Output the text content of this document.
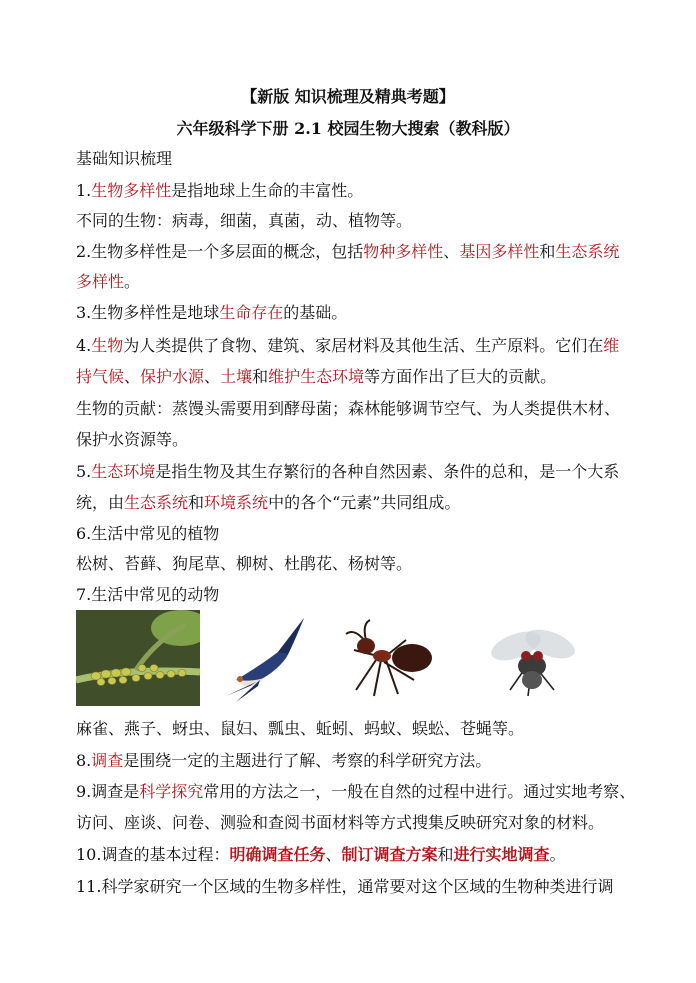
【新版 知识梳理及精典考题】
六年级科学下册 2.1 校园生物大搜索（教科版）
基础知识梳理
1.生物多样性是指地球上生命的丰富性。
不同的生物：病毒，细菌，真菌，动、植物等。
2.生物多样性是一个多层面的概念，包括物种多样性、基因多样性和生态系统
多样性。
3.生物多样性是地球生命存在的基础。
4.生物为人类提供了食物、建筑、家居材料及其他生活、生产原料。它们在维
持气候、保护水源、土壤和维护生态环境等方面作出了巨大的贡献。
生物的贡献：蒸馒头需要用到酵母菌；森林能够调节空气、为人类提供木材、
保护水资源等。
5.生态环境是指生物及其生存繁衍的各种自然因素、条件的总和，是一个大系
统，由生态系统和环境系统中的各个“元素”共同组成。
6.生活中常见的植物
松树、苔藓、狗尾草、柳树、杜鹃花、杨树等。
7.生活中常见的动物
麻雀、燕子、蚜虫、鼠妇、瓢虫、蚯蚓、蚂蚁、蜈蚣、苍蝇等。
8.调查是围绕一定的主题进行了解、考察的科学研究方法。
9.调查是科学探究常用的方法之一，一般在自然的过程中进行。通过实地考察、
访问、座谈、问卷、测验和查阅书面材料等方式搜集反映研究对象的材料。
10.调查的基本过程：明确调查任务、制订调查方案和进行实地调查。
11.科学家研究一个区域的生物多样性，通常要对这个区域的生物种类进行调
